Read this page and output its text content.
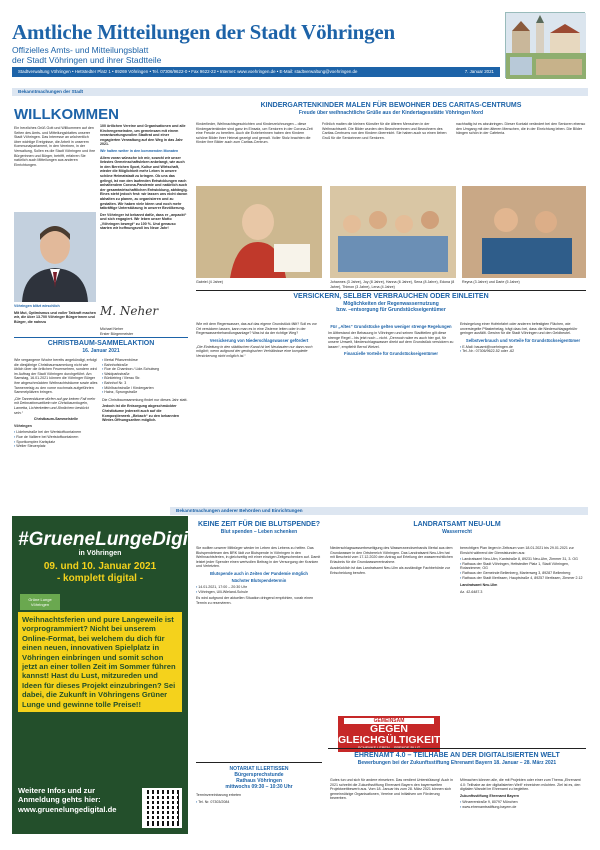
Amtliche Mitteilungen der Stadt Vöhringen
Offizielles Amts- und Mitteilungsblatt
der Stadt Vöhringen und ihrer Stadtteile
Stadtverwaltung Vöhringen • Hettstedter Platz 1 • 89269 Vöhringen • Tel. 07306/9622-0 • Fax 9622-22 • Internet: www.voehringen.de • E-Mail: stadtverwaltung@voehringen.de	7. Januar 2021
Bekanntmachungen der Stadt
WILLKOMMEN

Ein herzliches Grüß Gott und Willkommen auf den Seiten des Amts- und Mitteilungsblattes unserer Stadt Vöhringen. Das Interesse an wöchentlich über wichtige Ereignisse, die Arbeit in unserem Kommunalparlament, in den Vereinen, in der Verwaltung, Sollen es die Stadt Vöhringen und ihre Bürgerinnen und Bürger, betrifft, erfahren Sie natürlich auch Mitteilungen aus anderen Einrichtungen.

100 örtlichen Vereine und Organisationen und alle Kirchengemeinden, um gemeinsam mit einem verantwortungsvollen Stadtrat und einer engagierten Verwaltung auf den Weg in das Jahr 2021.

Wir halten weiter in den kommenden Monaten

Allem voran wünsche ich mir, sowohl wir unser liebstes Gemeinschaftsleben anbelangt, wie auch in den Bereichen Sport, Kultur und Wirtschaft, wieder die Möglichkeit mehr Leben in unsere schöne Heimatstadt zu bringen. Ob uns das gelingt, ist von den laufenden Entwicklungen nach anhaltendem Corona-Pandemie und natürlich auch der gesamtwirtschaftlichen Entwicklung, abhängig. Eines steht jedoch fest: wir lassen uns nicht davon abhalten zu planen, zu organisieren und zu gestalten. Wir haben viele Ideen und noch mehr tatkräftige Unterstützung in unserer Bevölkerung.

Der Vöhringer ist bekannt dafür, dass er „anpackt“ und sich engagiert. Wir leben unser Motto „Vöhringen bewegt“ zu 100 %. Und genauso starten wir hoffnungsvoll ins Neue Jahr!

Vöhringen blitzt wirschlich

Mit Mut, Optimismus und voller Tatkraft machen wir, die über 13.700 Vöhringer Bürgerinnen und Bürger, die nahezu

M. Neher
Michael Neher
Erster Bürgermeister
CHRISTBAUM-SAMMELAKTION
16. Januar 2021

Wie vergangene Woche bereits angekündigt, erfolgt die diesjährige Christbaumsammlung nicht wie üblich über die örtlichen Feuerwehren, sondern wird im Auftrag der Stadt Vöhringen durchgeführt. Am Samstag, 16.01.2021 können die Vöhringer Bürger ihre abgeschmückten Weihnachtsbäume sowie alles Tannenreisig zu den vorne nochmals aufgeführten Sammelplätzen bringen.

„Die Tannenbäume dürfen auf gar keinen Fall mehr mit Dekorationsartikeln wie Christbaumkugeln, Lametta, Lichterketten und Ähnlichem bestückt sein.“

Christbaum-Sammelstelle

Vöhringen

▪ Lidehestraße bei der Wertstoffcontainern
▪ Rue de Valliere bei Wertstoffcontainern
▪ Sportkomplex Karlsplatz
▪ Weiler Steuerplatz
▪ Illertal Pflanzenbörse
▪ Bahnhofstraße
▪ Rue de Chambon / Lide-Schulweg
▪ Waldparkstraße
▪ Bürkleiring / Illerau Str.
▪ Bahnhof Nr. 3
▪ Mühlbachstraße / Kindergarten
▪ Hainz, Sprungstraße

Die Christbaumsammlung findet nur dieses Jahr statt.

Jedoch ist die Entsorgung abgeschmückter Christbäume jederzeit auch auf die Kompostierwerk „Bebach“ zu den bekannten Winter-Öffnungszeiten möglich.

#GrueneLungeDigital
in Vöhringen
09. und 10. Januar 2021
- komplett digital -
Grüne Lunge Vöhringen
Weihnachtsferien und pure Langeweile ist vorprogrammiert? Nicht bei unserem Online-Format, bei welchem du dich für einen neuen, innovativen Spielplatz in Vöhringen einbringen und somit schon jetzt an einer tollen Zeit im Sommer führen kannst! Hast du Lust, mitzureden und Ideen für dieses Projekt einzubringen? Sei dabei, die Zukunft in Vöhringens Grüner Lunge und gewinne tolle Preise!!
Weitere Infos und zur Anmeldung gehts hier: www.gruenelungedigital.de
KINDERGARTENKINDER MALEN FÜR BEWOHNER DES CARITAS-CENTRUMS
Freude über weihnachtliche Grüße aus der Kindertagesstätte Vöhringen Nord
Kinderlieder, Weihnachtsgeschichten und Kinderzeichnungen – diese Kindergartenkinder sind ganz im Einsatz, um Senioren in der Corona-Zeit eine Freude zu bereiten. Auch die Erzieherinnen haben den Kindern schöne Bilder ihrer Heimat gezeigt und gemalt. Voller Stolz brachten die Kinder ihre Bilder auch zum Caritas-Centrum.
Fröhlich malten die kleinen Künstler für die älteren Menschen in der Weihnachtszeit. Die Bilder wurden den Bewohnerinnen und Bewohnern des Caritas-Centrums von den Kindern überreicht. Sie haben auch so einen lieben Gruß für die Seniorinnen und Senioren.
nachhaltig ist es abzubringen. Dieser Kontakt verändert bei den Senioren ebenso den Umgang mit den älteren Menschen, die in der Einrichtung leben. Die Bilder hängen schön in der Cafeteria.
Gabriel (4 Jahre)	Johannes (3 Jahre), Joy (8 Jahre), Hanna (6 Jahre), Sena (8 Jahre), Edona (8 Jahre), Thimon (3 Jahre), Lena (4 Jahre)
Reyna (3 Jahre) und Darie (5 Jahre)
VERSICKERN, SELBER VERBRAUCHEN ODER EINLEITEN
Möglichkeiten der Regenwassernutzung
bzw. –entsorgung für Grundstückseigentümer

Wie mit dem Regenwasser, das auf das eigene Grundstück fällt? Soll es vor Ort versickern lassen, kann man es in eine Zisterne leiten oder in der Regenwasserbehandlungsanlage? Was ist da der richtige Weg?

Versickerung von Niederschlagswasser gefördert

„Die Einleitung in den städtischen Kanal ist bei Neubauten nur dann noch möglich, wenn aufgrund der geologischen Verhältnisse eine komplette Versickerung nicht möglich ist.“

Für „Altes“ Grundstücke gelten weniger strenge Regelungen

Im Altbestand der Bebauung in Vöhringen und seinen Stadtteilen gilt diese strenge Regel – bis jetzt noch – nicht. „Dennoch wäre es auch hier gut, für unsere Umwelt, Niederschlagswasser direkt auf dem Grundstück versickern zu lassen“, empfiehlt Bernd Wetzel.

Finanzielle Vorteile für Grundstückseigentümer

Entsiegelung einer Hofeinfahrt oder anderen befestigten Flächen, wie unversiegelte Pflasterbelag, trägt dazu bei, dass die Niederschlagsgebühr geringer ausfällt. Gewinn für die Stadt Vöhringen und den Geldbeutel.

Selbstverbrauch und Vorteile für Grundstückseigentümer
▪ E-Mail: bauamt@voehringen.de
▪ Tel.-Nr.: 07306/9622-52 oder -62
Bekanntmachungen anderer Behörden und Einrichtungen
KEINE ZEIT FÜR DIE BLUTSPENDE?
Blut spenden – Leben schenken

Sie wollten unserer Mitbürger wieder im Leben des Lebens zu helfen. Das Blutspendeteam des BRK lädt zur Blutspende in Vöhringen in den Weihnachtsferien, in gleichzeitig mit einer einzigen Zeitgeschenken auf. Damit leistet jeder Spender einen wertvollen Beitrag in der Versorgung der Kranken und Verletzten.

Blutspende auch in Zeiten der Pandemie möglich
Nächster Blutspendetermin
▪ 14.01.2021, 17:00 – 20:30 Uhr
▪ Vöhringen, Ulli-Wieland-Schule

Es wird aufgrund der aktuellen Situation dringend empfohlen, vorab einen Termin zu reservieren.

GEMEINSAM
GEGEN GLEICHGÜLTIGKEIT
SCHENKE LEBEN – SPENDE BLUT
NOTARIAT ILLERTISSEN
Bürgersprechstunde
Rathaus Vöhringen
mittwochs 09:30 – 10:30 Uhr

Terminvereinbarung erbeten

▪ Tel. Nr. 07303/2084
LANDRATSAMT NEU-ULM
Wasserrecht

Niederschlagswasserbeseitigung des Wasserzweckverbands Illertal aus dem Grundwasser in den Ortsbereich Vöhringen. Das Landratsamt Neu-Ulm hat mit Bescheid vom 17.12.2020 den Antrag auf Erteilung der wasserrechtlichen Erlaubnis für die Grundwasserentnahme.

Ausdrücklich ist das Landratsamt Neu-Ulm als zuständige Fachbehörde zur Entscheidung berufen.

berechtigen Plan liegen in Zeitraum vom 18.01.2021 bis 29.01.2021 zur Einsicht während der Dienststunden aus:

▪ Landratsamt Neu-Ulm, Kantstraße 8, 89231 Neu-Ulm, Zimmer 31, 3. OG
▪ Rathaus der Stadt Vöhringen, Hettstedter Platz 1, Stadt Vöhringen, Rotarzimmer, OG
▪ Rathaus der Gemeinde Bellenberg, Marienweg 3, 89287 Bellenberg
▪ Rathaus der Stadt Illertissen, Hauptstraße 4, 89257 Illertissen, Zimmer 2.12

Landratsamt Neu-Ulm

Az. 42-6487.3

EHRENAMT 4.0 – TEILHABE AN DER DIGITALISIERTEN WELT
Bewerbungen bei der Zukunftsstiftung Ehrenamt Bayern 18. Januar – 28. März 2021
Gutes tun und sich für andere einsetzen. Das verdient Unterstützung! Auch in 2021 schreibt die Zukunftsstiftung Ehrenamt Bayern den bayernweiten Projektwettbewerb aus. Vom 18. Januar bis zum 28. März 2021 können sich gemeinnützige Organisationen, Vereine und Initiativen um Förderung bewerben.

Mitmachen können alle, die mit Projekten oder einer zum Thema „Ehrenamt 4.0: Teilhabe an der digitalisierten Welt“ einreichen möchten. Ziel ist es, den digitalen Wandel im Ehrenamt zu begleiten.

Zukunftsstiftung Ehrenamt Bayern

▪ Winzererstraße 9, 80797 München
▪ www.ehrenamtsstiftung.bayern.de
